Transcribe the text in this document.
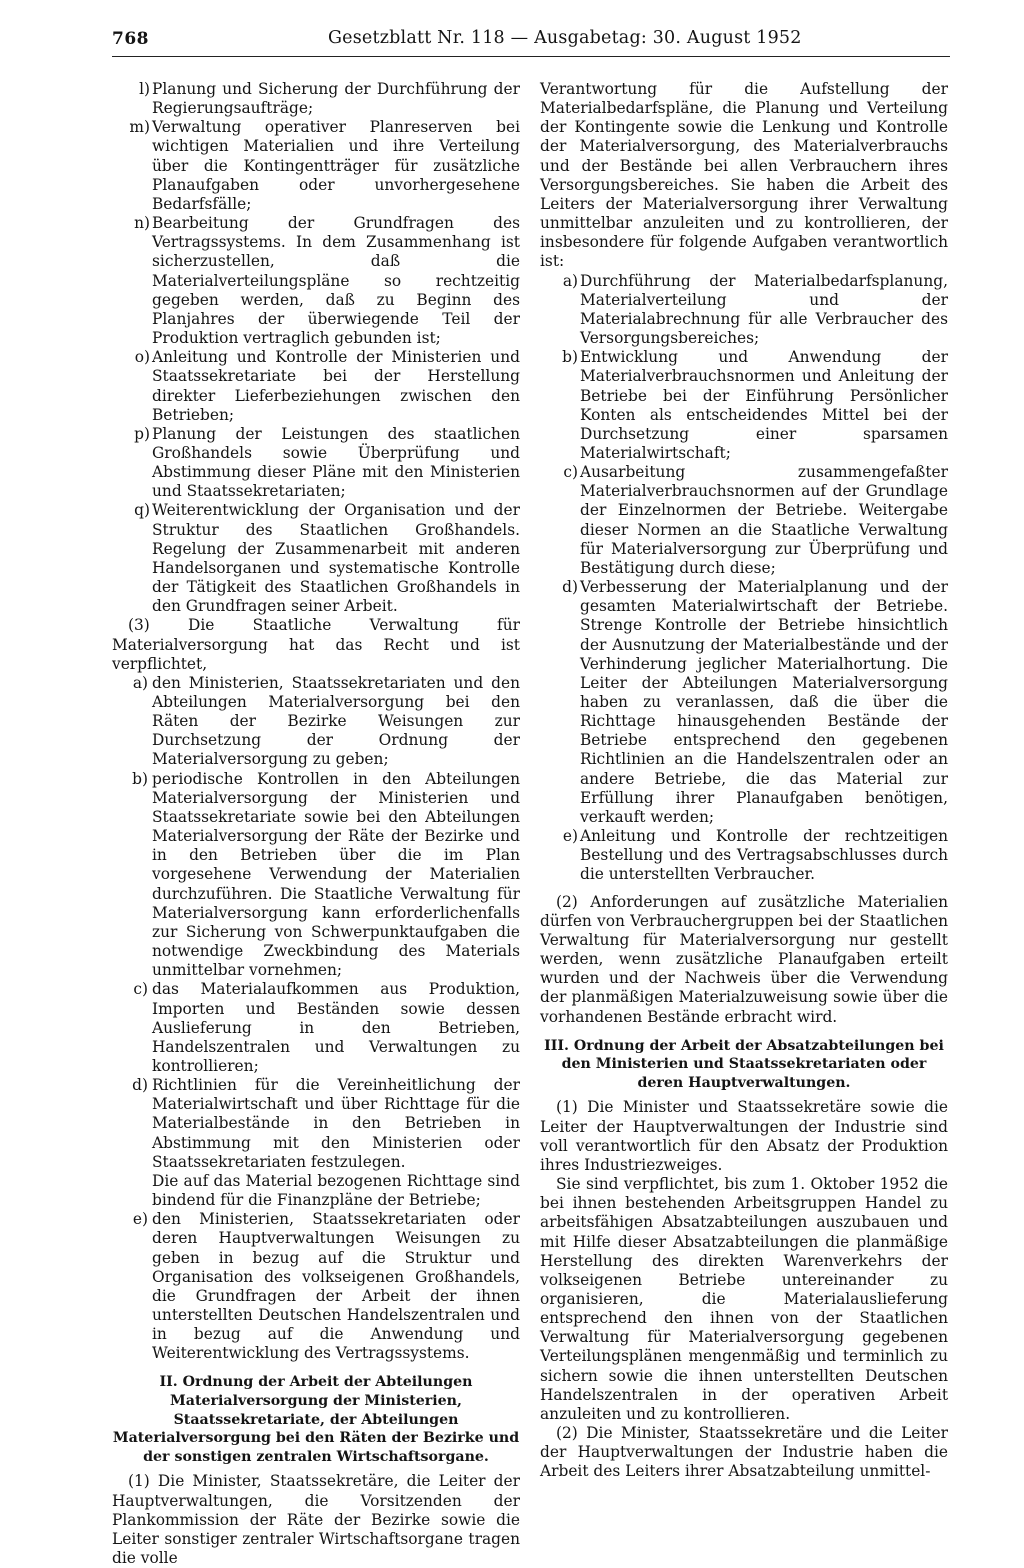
768	Gesetzblatt Nr. 118 — Ausgabetag: 30. August 1952
l) Planung und Sicherung der Durchführung der Regierungsaufträge;
m) Verwaltung operativer Planreserven bei wichtigen Materialien und ihre Verteilung über die Kontingentträger für zusätzliche Planaufgaben oder unvorhergesehene Bedarfsfälle;
n) Bearbeitung der Grundfragen des Vertragssystems. In dem Zusammenhang ist sicherzustellen, daß die Materialverteilungspläne so rechtzeitig gegeben werden, daß zu Beginn des Planjahres der überwiegende Teil der Produktion vertraglich gebunden ist;
o) Anleitung und Kontrolle der Ministerien und Staatssekretariate bei der Herstellung direkter Lieferbeziehungen zwischen den Betrieben;
p) Planung der Leistungen des staatlichen Großhandels sowie Überprüfung und Abstimmung dieser Pläne mit den Ministerien und Staatssekretariaten;
q) Weiterentwicklung der Organisation und der Struktur des Staatlichen Großhandels. Regelung der Zusammenarbeit mit anderen Handelsorganen und systematische Kontrolle der Tätigkeit des Staatlichen Großhandels in den Grundfragen seiner Arbeit.

(3) Die Staatliche Verwaltung für Materialversorgung hat das Recht und ist verpflichtet,

a) den Ministerien, Staatssekretariaten und den Abteilungen Materialversorgung bei den Räten der Bezirke Weisungen zur Durchsetzung der Ordnung der Materialversorgung zu geben;
b) periodische Kontrollen in den Abteilungen Materialversorgung der Ministerien und Staatssekretariate sowie bei den Abteilungen Materialversorgung der Räte der Bezirke und in den Betrieben über die im Plan vorgesehene Verwendung der Materialien durchzuführen. Die Staatliche Verwaltung für Materialversorgung kann erforderlichenfalls zur Sicherung von Schwerpunktaufgaben die notwendige Zweckbindung des Materials unmittelbar vornehmen;
c) das Materialaufkommen aus Produktion, Importen und Beständen sowie dessen Auslieferung in den Betrieben, Handelszentralen und Verwaltungen zu kontrollieren;
d) Richtlinien für die Vereinheitlichung der Materialwirtschaft und über Richttage für die Materialbestände in den Betrieben in Abstimmung mit den Ministerien oder Staatssekretariaten festzulegen.

Die auf das Material bezogenen Richttage sind bindend für die Finanzpläne der Betriebe;

e) den Ministerien, Staatssekretariaten oder deren Hauptverwaltungen Weisungen zu geben in bezug auf die Struktur und Organisation des volkseigenen Großhandels, die Grundfragen der Arbeit der ihnen unterstellten Deutschen Handelszentralen und in bezug auf die Anwendung und Weiterentwicklung des Vertragssystems.
II. Ordnung der Arbeit der Abteilungen Materialversorgung der Ministerien, Staatssekretariate, der Abteilungen Materialversorgung bei den Räten der Bezirke und der sonstigen zentralen Wirtschaftsorgane.

(1) Die Minister, Staatssekretäre, die Leiter der Hauptverwaltungen, die Vorsitzenden der Plankommission der Räte der Bezirke sowie die Leiter sonstiger zentraler Wirtschaftsorgane tragen die volle

Verantwortung für die Aufstellung der Materialbedarfspläne, die Planung und Verteilung der Kontingente sowie die Lenkung und Kontrolle der Materialversorgung, des Materialverbrauchs und der Bestände bei allen Verbrauchern ihres Versorgungsbereiches. Sie haben die Arbeit des Leiters der Materialversorgung ihrer Verwaltung unmittelbar anzuleiten und zu kontrollieren, der insbesondere für folgende Aufgaben verantwortlich ist:

a) Durchführung der Materialbedarfsplanung, Materialverteilung und der Materialabrechnung für alle Verbraucher des Versorgungsbereiches;
b) Entwicklung und Anwendung der Materialverbrauchsnormen und Anleitung der Betriebe bei der Einführung Persönlicher Konten als entscheidendes Mittel bei der Durchsetzung einer sparsamen Materialwirtschaft;
c) Ausarbeitung zusammengefaßter Materialverbrauchsnormen auf der Grundlage der Einzelnormen der Betriebe. Weitergabe dieser Normen an die Staatliche Verwaltung für Materialversorgung zur Überprüfung und Bestätigung durch diese;
d) Verbesserung der Materialplanung und der gesamten Materialwirtschaft der Betriebe. Strenge Kontrolle der Betriebe hinsichtlich der Ausnutzung der Materialbestände und der Verhinderung jeglicher Materialhortung. Die Leiter der Abteilungen Materialversorgung haben zu veranlassen, daß die über die Richttage hinausgehenden Bestände der Betriebe entsprechend den gegebenen Richtlinien an die Handelszentralen oder an andere Betriebe, die das Material zur Erfüllung ihrer Planaufgaben benötigen, verkauft werden;
e) Anleitung und Kontrolle der rechtzeitigen Bestellung und des Vertragsabschlusses durch die unterstellten Verbraucher.

(2) Anforderungen auf zusätzliche Materialien dürfen von Verbrauchergruppen bei der Staatlichen Verwaltung für Materialversorgung nur gestellt werden, wenn zusätzliche Planaufgaben erteilt wurden und der Nachweis über die Verwendung der planmäßigen Materialzuweisung sowie über die vorhandenen Bestände erbracht wird.

III. Ordnung der Arbeit der Absatzabteilungen bei den Ministerien und Staatssekretariaten oder deren Hauptverwaltungen.

(1) Die Minister und Staatssekretäre sowie die Leiter der Hauptverwaltungen der Industrie sind voll verantwortlich für den Absatz der Produktion ihres Industriezweiges.

Sie sind verpflichtet, bis zum 1. Oktober 1952 die bei ihnen bestehenden Arbeitsgruppen Handel zu arbeitsfähigen Absatzabteilungen auszubauen und mit Hilfe dieser Absatzabteilungen die planmäßige Herstellung des direkten Warenverkehrs der volkseigenen Betriebe untereinander zu organisieren, die Materialauslieferung entsprechend den ihnen von der Staatlichen Verwaltung für Materialversorgung gegebenen Verteilungsplänen mengenmäßig und terminlich zu sichern sowie die ihnen unterstellten Deutschen Handelszentralen in der operativen Arbeit anzuleiten und zu kontrollieren.

(2) Die Minister, Staatssekretäre und die Leiter der Hauptverwaltungen der Industrie haben die Arbeit des Leiters ihrer Absatzabteilung unmittel-
